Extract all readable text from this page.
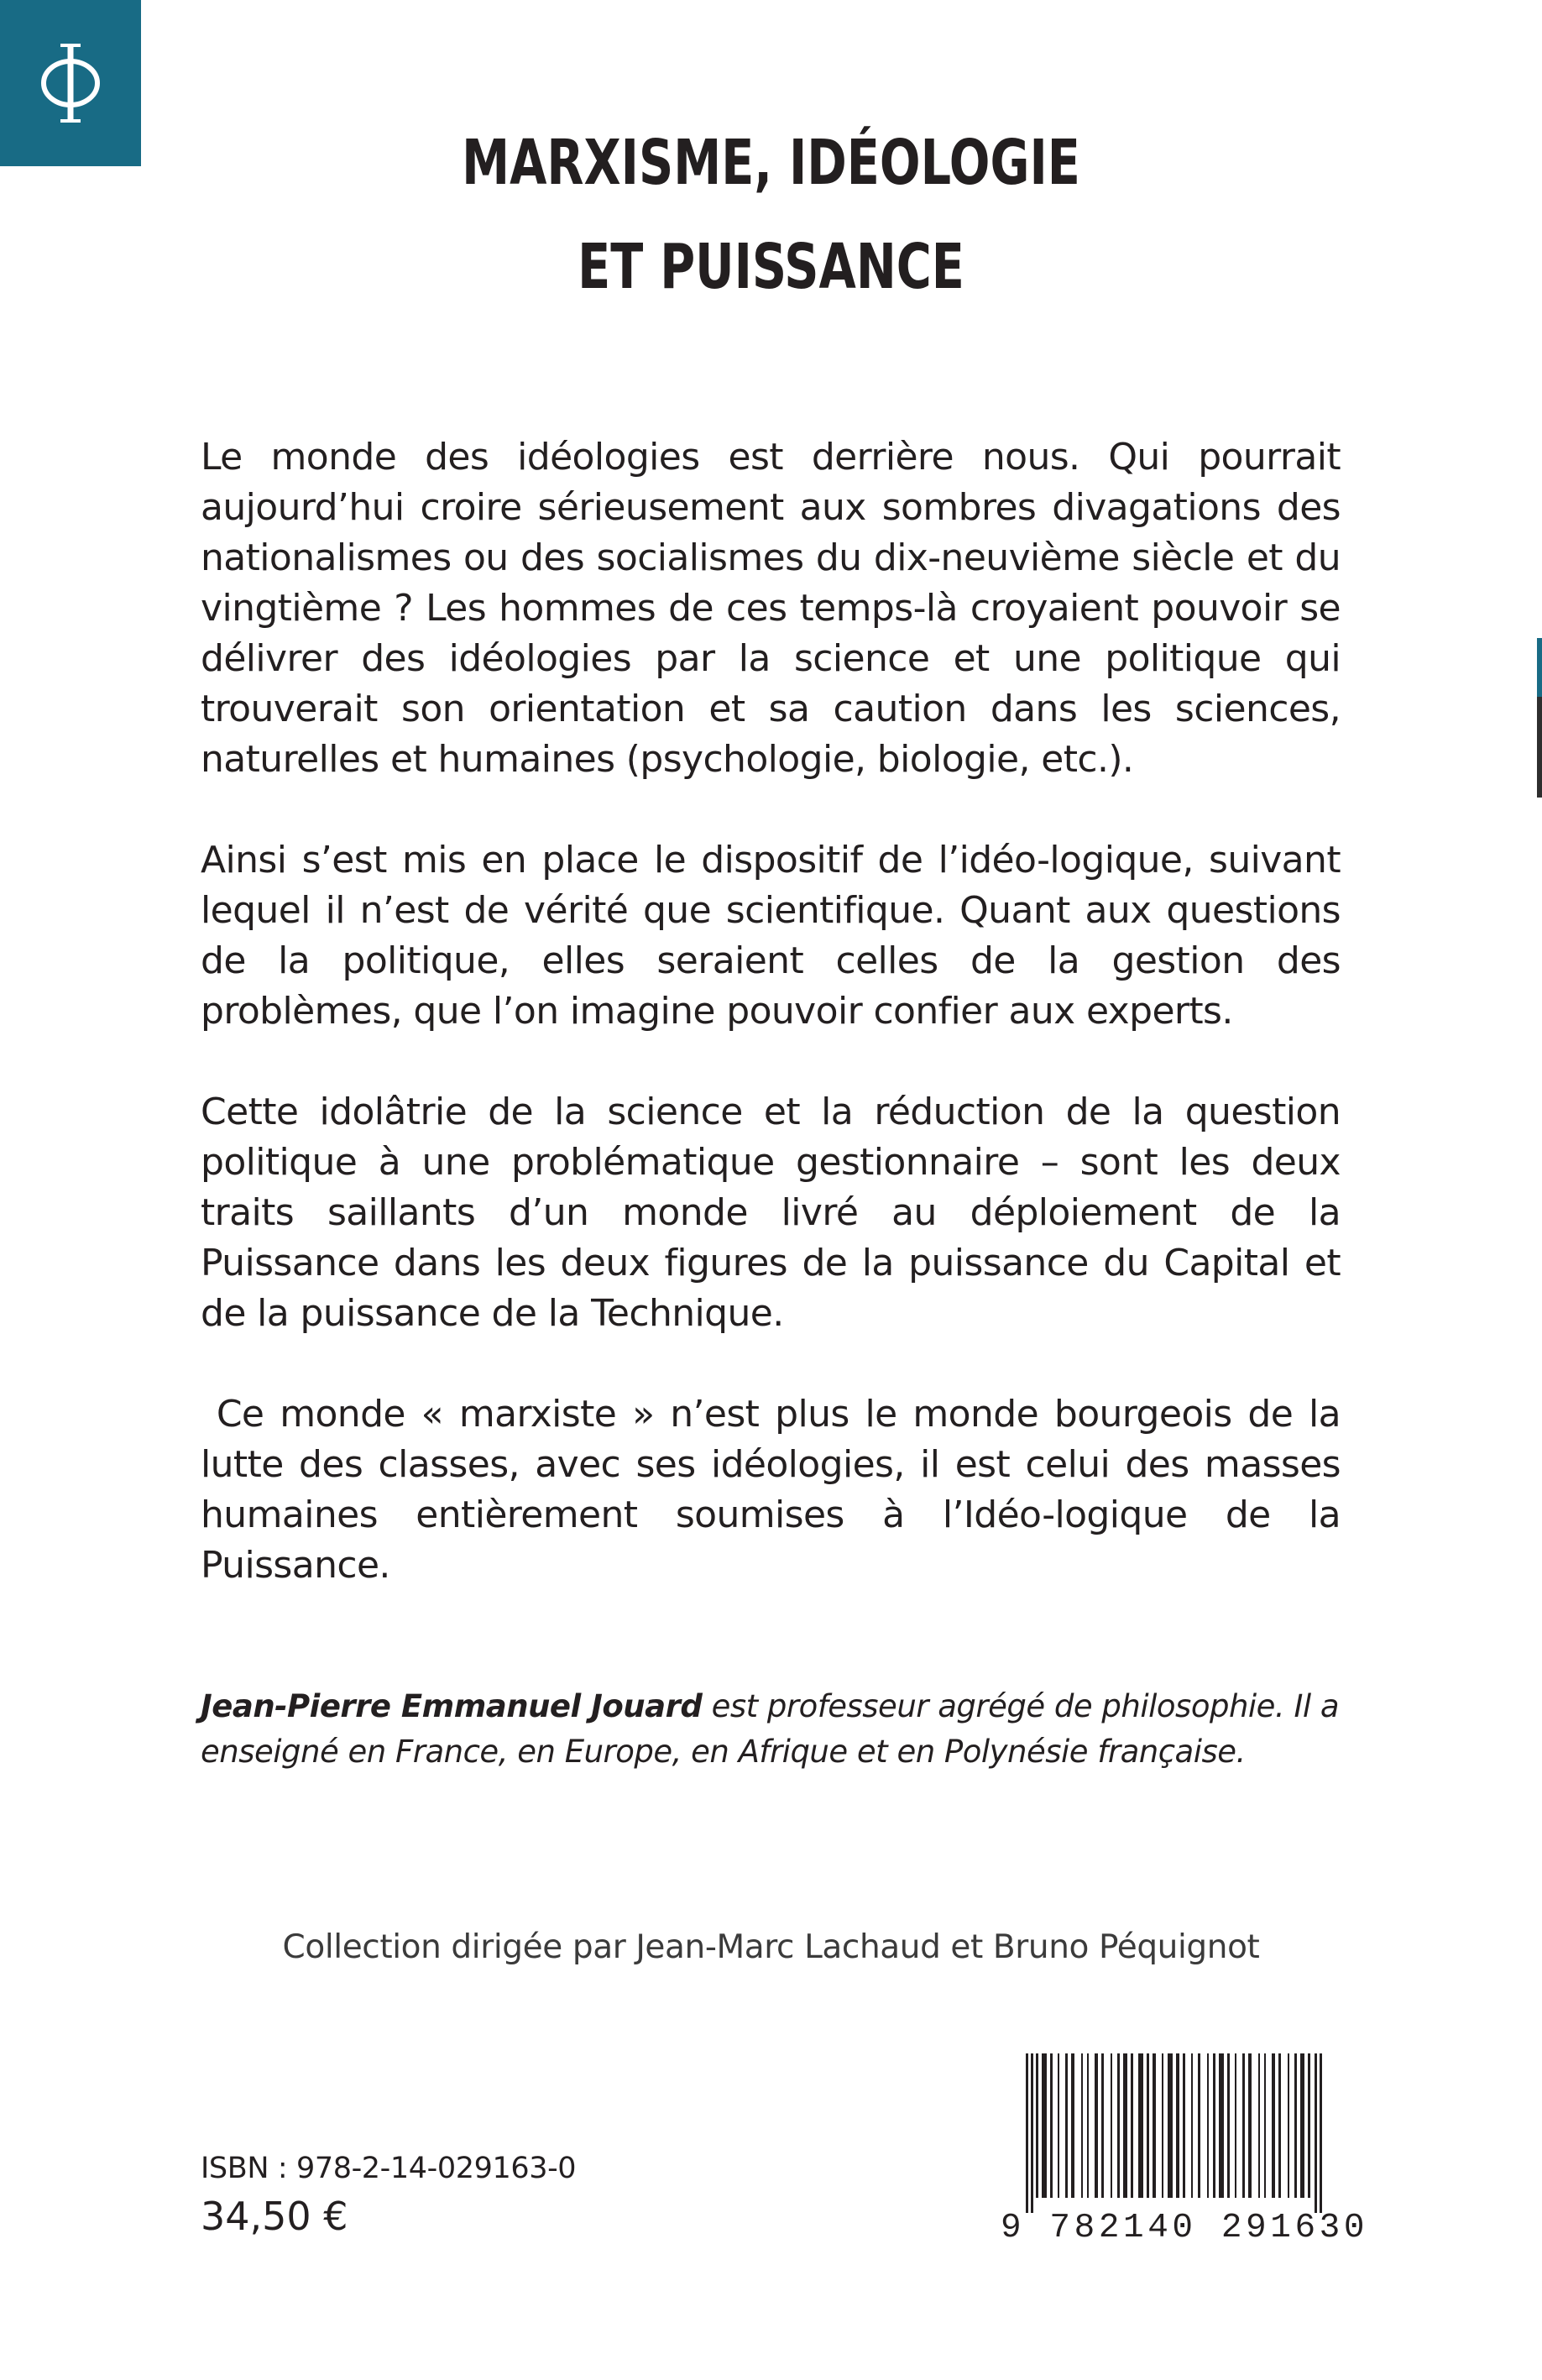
MARXISME, IDÉOLOGIE
ET PUISSANCE

Le monde des idéologies est derrière nous. Qui pourrait aujourd’hui croire sérieusement aux sombres divagations des nationalismes ou des socialismes du dix-neuvième siècle et du vingtième ? Les hommes de ces temps-là croyaient pouvoir se délivrer des idéologies par la science et une politique qui trouverait son orientation et sa caution dans les sciences, naturelles et humaines (psychologie, biologie, etc.).

Ainsi s’est mis en place le dispositif de l’idéo-logique, suivant lequel il n’est de vérité que scientifique. Quant aux questions de la politique, elles seraient celles de la gestion des problèmes, que l’on imagine pouvoir confier aux experts.

Cette idolâtrie de la science et la réduction de la question politique à une problématique gestionnaire – sont les deux traits saillants d’un monde livré au déploiement de la Puissance dans les deux figures de la puissance du Capital et de la puissance de la Technique.

Ce monde « marxiste » n’est plus le monde bourgeois de la lutte des classes, avec ses idéologies, il est celui des masses humaines entièrement soumises à l’Idéo-logique de la Puissance.

Jean-Pierre Emmanuel Jouard est professeur agrégé de philosophie. Il a enseigné en France, en Europe, en Afrique et en Polynésie française.
Collection dirigée par Jean-Marc Lachaud et Bruno Péquignot
ISBN : 978-2-14-029163-0
34,50 €	9 782140 291630
